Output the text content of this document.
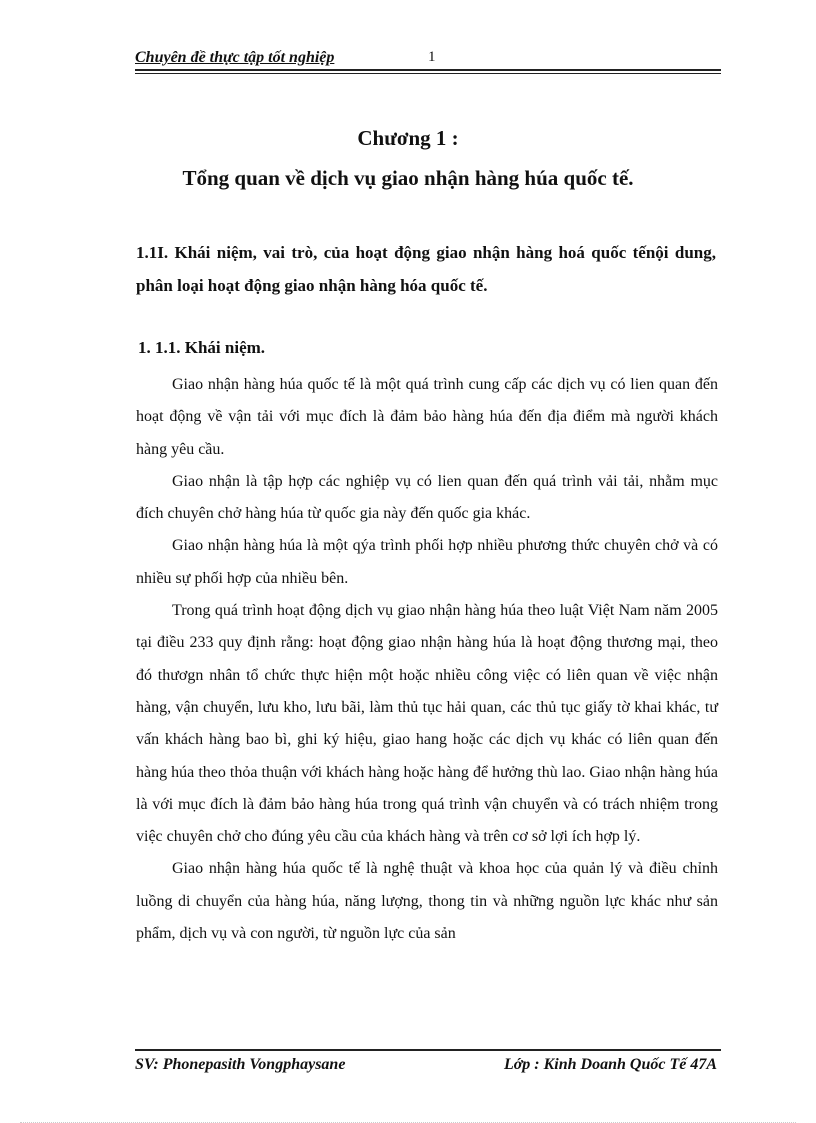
Chuyên đề thực tập tốt nghiệp	1
Chương 1 :
Tổng quan về dịch vụ giao nhận hàng húa quốc tế.
1.1I. Khái niệm, vai trò, của hoạt động giao nhận hàng hoá quốc tếnội dung, phân loại hoạt động giao nhận hàng hóa quốc tế.
1. 1.1. Khái niệm.

Giao nhận hàng húa quốc tế là một quá trình cung cấp các dịch vụ có lien quan đến hoạt động về vận tải với mục đích là đảm bảo hàng húa đến địa điểm mà người khách hàng yêu cầu.

Giao nhận là tập hợp các nghiệp vụ có lien quan đến quá trình vải tải, nhằm mục đích chuyên chở hàng húa từ quốc gia này đến quốc gia khác.

Giao nhận hàng húa là một qýa trình phối hợp nhiều phương thức chuyên chở và có nhiều sự phối hợp của nhiều bên.

Trong quá trình hoạt động dịch vụ giao nhận hàng húa theo luật Việt Nam năm 2005 tại điều 233 quy định rằng: hoạt động giao nhận hàng húa là hoạt động thương mại, theo đó thươgn nhân tổ chức thực hiện một hoặc nhiều công việc có liên quan về việc nhận hàng, vận chuyển, lưu kho, lưu bãi, làm thủ tục hải quan, các thủ tục giấy tờ khai khác, tư vấn khách hàng bao bì, ghi ký hiệu, giao hang hoặc các dịch vụ khác có liên quan đến hàng húa theo thỏa thuận với khách hàng hoặc hàng để hưởng thù lao. Giao nhận hàng húa là với mục đích là đảm bảo hàng húa trong quá trình vận chuyển và có trách nhiệm trong việc chuyên chở cho đúng yêu cầu của khách hàng và trên cơ sở lợi ích hợp lý.

Giao nhận hàng húa quốc tế là nghệ thuật và khoa học của quản lý và điều chỉnh luồng di chuyển của hàng húa, năng lượng, thong tin và những nguồn lực khác như sản phẩm, dịch vụ và con người, từ nguồn lực của sản

SV: Phonepasith Vongphaysane	Lớp : Kinh Doanh Quốc Tế 47A
